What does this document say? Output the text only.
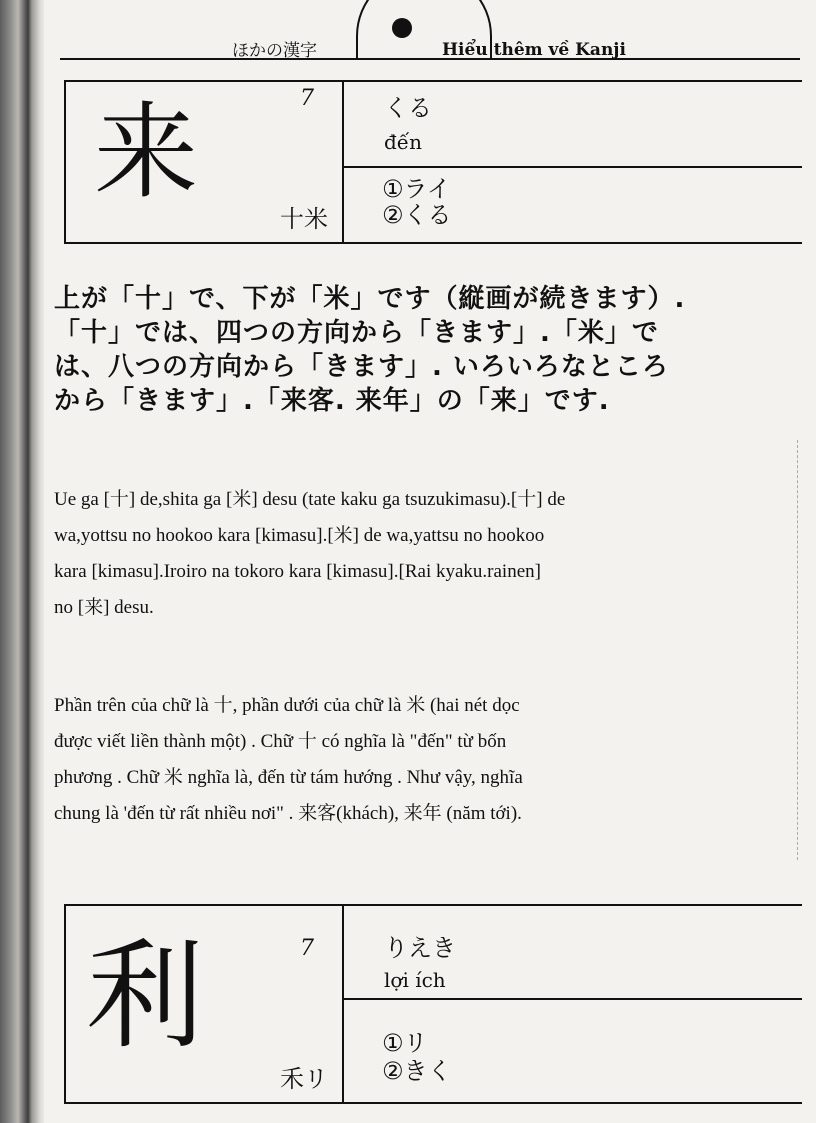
ほかの漢字	Hiểu thêm về Kanji
来	7
十米
くる
đến
①ライ
②くる
上が「十」で、下が「米」です（縦画が続きます）.
「十」では、四つの方向から「きます」.「米」で
は、八つの方向から「きます」. いろいろなところ
から「きます」.「来客. 来年」の「来」です.
Ue ga [十] de,shita ga [米] desu (tate kaku ga tsuzukimasu).[十] de
wa,yottsu no hookoo kara [kimasu].[米] de wa,yattsu no hookoo
kara [kimasu].Iroiro na tokoro kara [kimasu].[Rai kyaku.rainen]
no [来] desu.
Phần trên của chữ là 十, phần dưới của chữ là 米 (hai nét dọc
được viết liền thành một) . Chữ 十 có nghĩa là "đến" từ bốn
phương . Chữ 米 nghĩa là, đến từ tám hướng . Như vậy, nghĩa
chung là 'đến từ rất nhiều nơi" . 来客(khách), 来年 (năm tới).
利	7
禾リ
りえき
lợi ích
①リ
②きく
